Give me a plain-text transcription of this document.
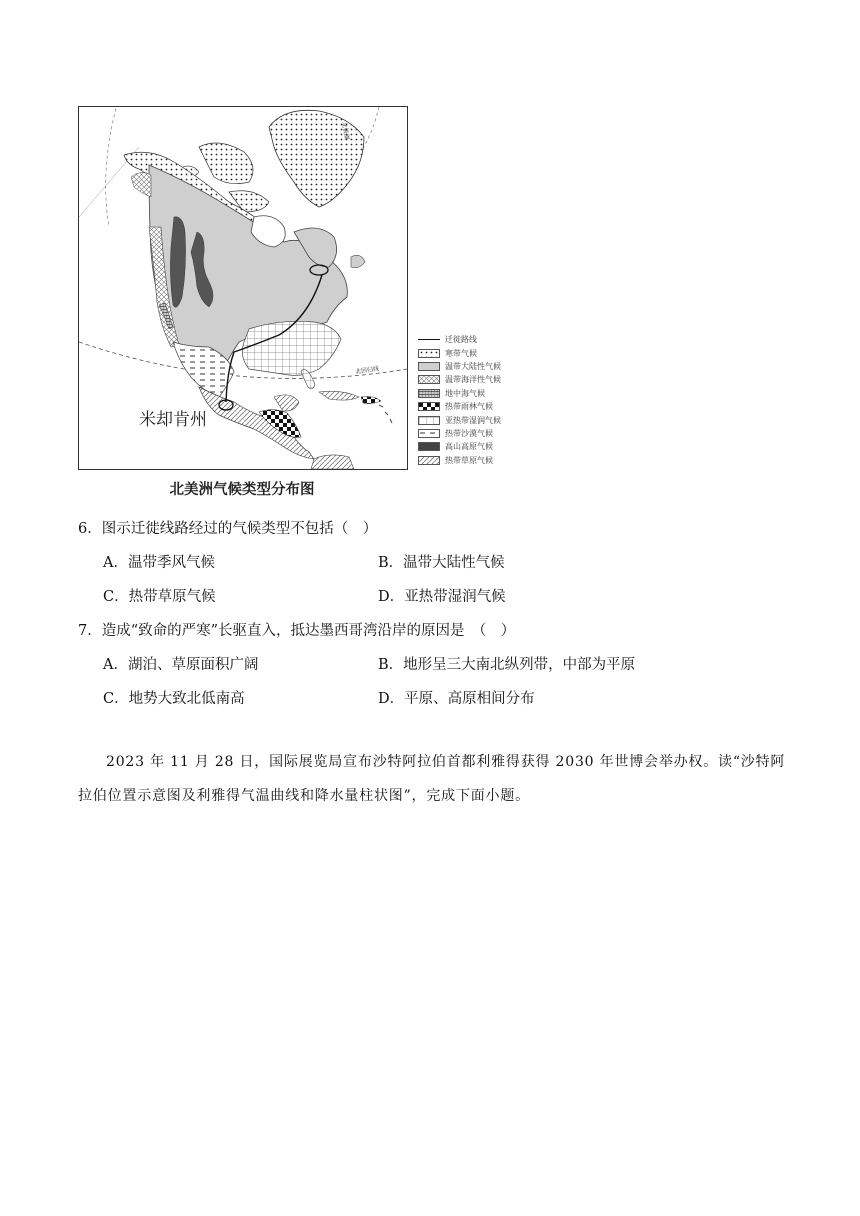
米却肯州
北极圈
北回归线
迁徙路线
寒带气候
温带大陆性气候
温带海洋性气候
地中海气候
热带雨林气候
亚热带湿润气候
热带沙漠气候
高山高原气候
热带草原气候
北美洲气候类型分布图
6．图示迁徙线路经过的气候类型不包括（　）
A．温带季风气候	B．温带大陆性气候
C．热带草原气候	D．亚热带湿润气候
7．造成“致命的严寒”长驱直入，抵达墨西哥湾沿岸的原因是　（　）
A．湖泊、草原面积广阔	B．地形呈三大南北纵列带，中部为平原
C．地势大致北低南高	D．平原、高原相间分布
2023 年 11 月 28 日，国际展览局宣布沙特阿拉伯首都利雅得获得 2030 年世博会举办权。读“沙特阿拉伯位置示意图及利雅得气温曲线和降水量柱状图”，完成下面小题。
